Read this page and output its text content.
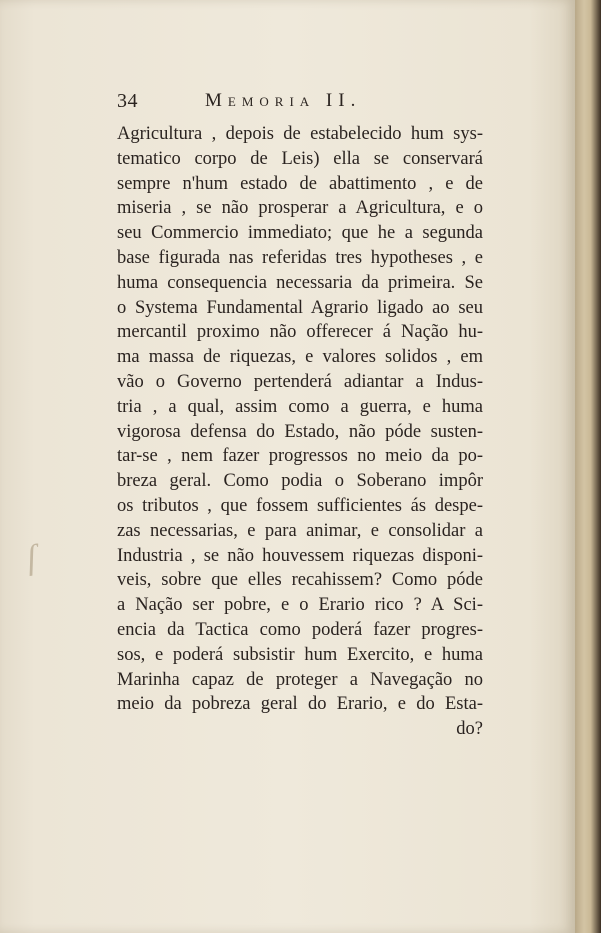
34	Memoria II.
Agricultura , depois de estabelecido hum sys-
tematico corpo de Leis) ella se conservará
sempre n'hum estado de abattimento , e de
miseria , se não prosperar a Agricultura, e o
seu Commercio immediato; que he a segunda
base figurada nas referidas tres hypotheses , e
huma consequencia necessaria da primeira. Se
o Systema Fundamental Agrario ligado ao seu
mercantil proximo não offerecer á Nação hu-
ma massa de riquezas, e valores solidos , em
vão o Governo pertenderá adiantar a Indus-
tria , a qual, assim como a guerra, e huma
vigorosa defensa do Estado, não póde susten-
tar-se , nem fazer progressos no meio da po-
breza geral. Como podia o Soberano impôr
os tributos , que fossem sufficientes ás despe-
zas necessarias, e para animar, e consolidar a
Industria , se não houvessem riquezas disponi-
veis, sobre que elles recahissem? Como póde
a Nação ser pobre, e o Erario rico ? A Sci-
encia da Tactica como poderá fazer progres-
sos, e poderá subsistir hum Exercito, e huma
Marinha capaz de proteger a Navegação no
meio da pobreza geral do Erario, e do Esta-
do?
ſ
